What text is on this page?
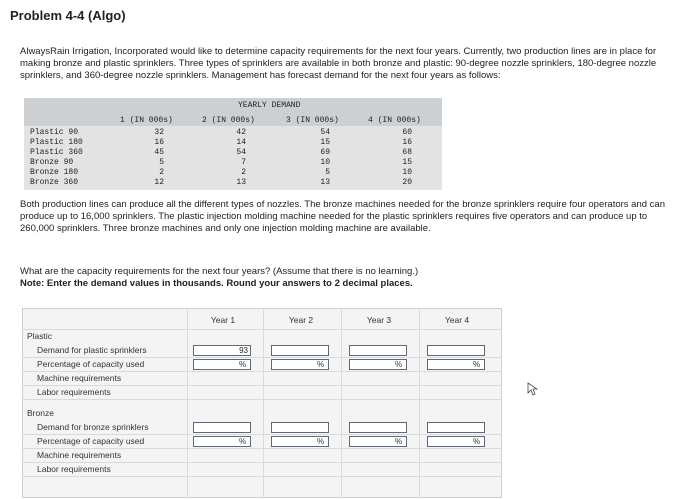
Problem 4-4 (Algo)
AlwaysRain Irrigation, Incorporated would like to determine capacity requirements for the next four years. Currently, two production lines are in place for making bronze and plastic sprinklers. Three types of sprinklers are available in both bronze and plastic: 90-degree nozzle sprinklers, 180-degree nozzle sprinklers, and 360-degree nozzle sprinklers. Management has forecast demand for the next four years as follows:
YEARLY DEMAND
1 (IN 000s)	2 (IN 000s)	3 (IN 000s)	4 (IN 000s)
Plastic 90	32	42	54	60
Plastic 180	16	14	15	16
Plastic 360	45	54	69	68
Bronze 90	5	7	10	15
Bronze 180	2	2	5	10
Bronze 360	12	13	13	20
Both production lines can produce all the different types of nozzles. The bronze machines needed for the bronze sprinklers require four operators and can produce up to 16,000 sprinklers. The plastic injection molding machine needed for the plastic sprinklers requires five operators and can produce up to 260,000 sprinklers. Three bronze machines and only one injection molding machine are available.
What are the capacity requirements for the next four years? (Assume that there is no learning.)
Note: Enter the demand values in thousands. Round your answers to 2 decimal places.
Year 1	Year 2	Year 3	Year 4
Plastic
Bronze
Demand for plastic sprinklers	93
Percentage of capacity used	%	%	%	%
Machine requirements
Labor requirements
Demand for bronze sprinklers
Percentage of capacity used	%	%	%	%
Machine requirements
Labor requirements
